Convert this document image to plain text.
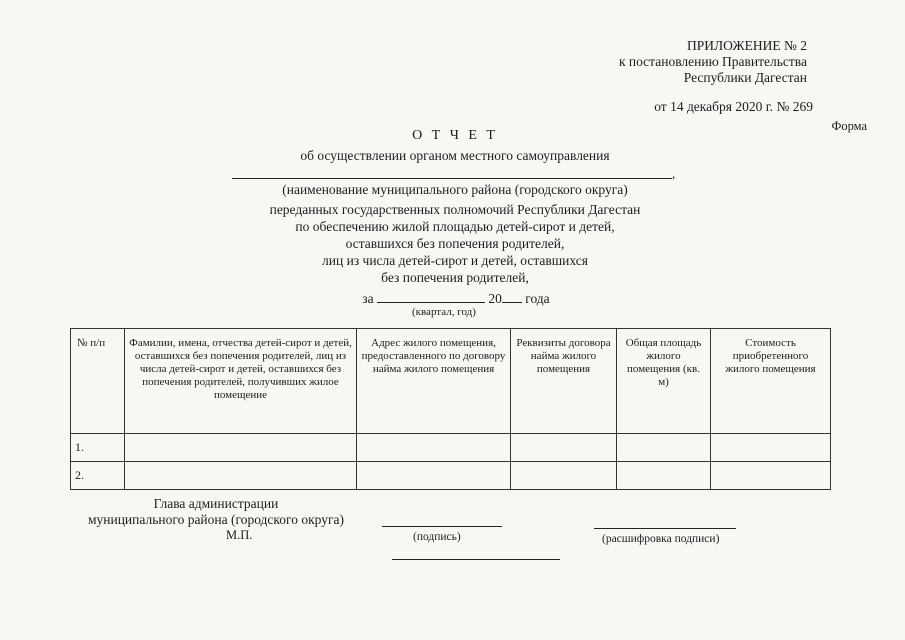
ПРИЛОЖЕНИЕ № 2
к постановлению Правительства
Республики Дагестан
от 14 декабря 2020 г. № 269
Форма
О Т Ч Е Т
об осуществлении органом местного самоуправления
,
(наименование муниципального района (городского округа)
переданных государственных полномочий Республики Дагестан
по обеспечению жилой площадью детей-сирот и детей,
оставшихся без попечения родителей,
лиц из числа детей-сирот и детей, оставшихся
без попечения родителей,
за	20 года
(квартал, год)
№ п/п	Фамилии, имена, отчества детей-сирот и детей, оставшихся без попечения родителей, лиц из числа детей-сирот и детей, оставшихся без попечения родителей, получивших жилое помещение	Адрес жилого помещения, предоставленного по договору найма жилого помещения	Реквизиты договора найма жилого помещения	Общая площадь жилого помещения (кв. м)	Стоимость приобретенного жилого помещения
1.					
2.					
Глава администрации
муниципального района (городского округа)
М.П.	(подпись)	(расшифровка подписи)
